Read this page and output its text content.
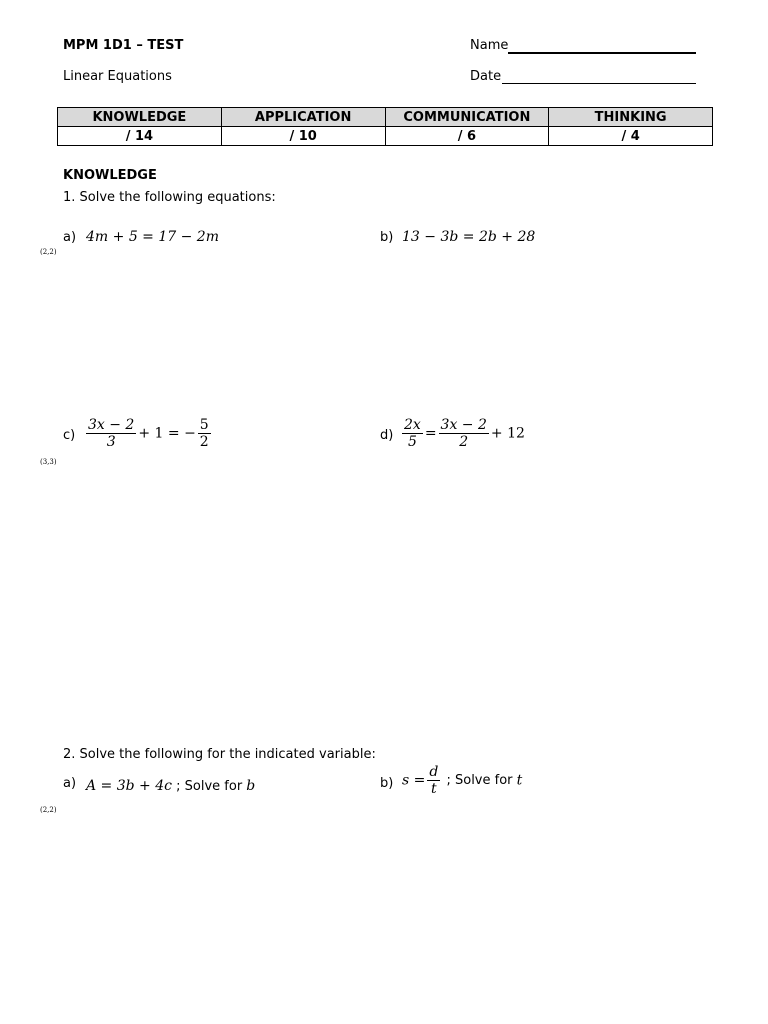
MPM 1D1 – TEST
Linear Equations
Name
Date
KNOWLEDGE	APPLICATION	COMMUNICATION	THINKING
/ 14	/ 10	/ 6	/ 4
KNOWLEDGE
1. Solve the following equations:
a) 4m + 5 = 17 − 2m
(2,2)
b) 13 − 3b = 2b + 28
$c) \frac{3x - 2}{3} + 1$ = − $\frac{5}{2}$
(3,3)
$d) \frac{2x}{5} = \frac{3x - 2}{2} + 12$
2. Solve the following for the indicated variable:
a) A = 3b + 4c ; Solve for b
(2,2)
b) $s = \frac{d}{t}$ ; Solve for t
